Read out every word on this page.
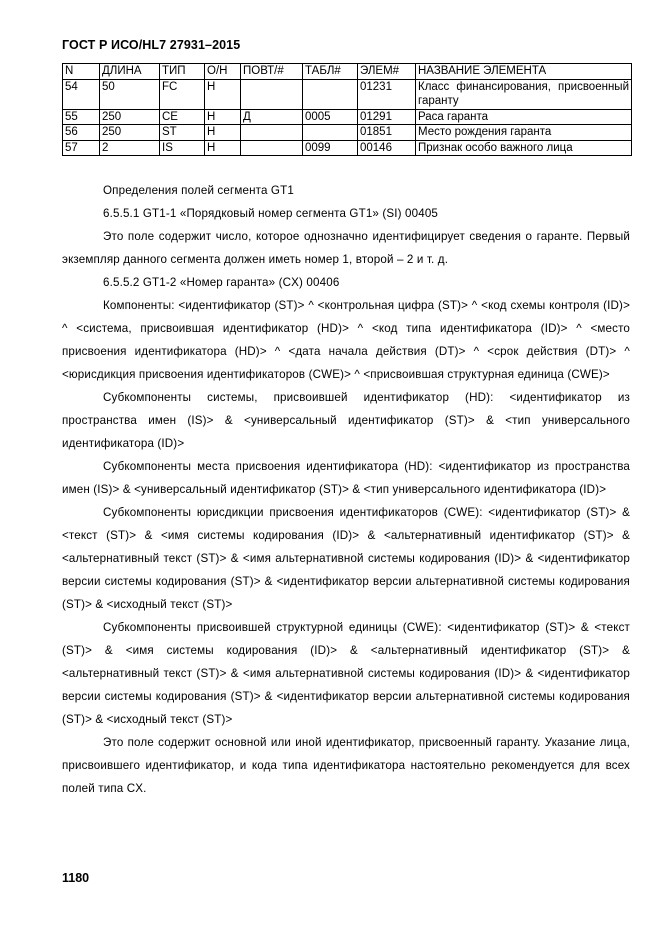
ГОСТ Р ИСО/HL7 27931–2015
N	ДЛИНА	ТИП	О/Н	ПОВТ/#	ТАБЛ#	ЭЛЕМ#	НАЗВАНИЕ ЭЛЕМЕНТА
54	50	FC	Н			01231	Класс финансирования, присвоенный гаранту
55	250	CE	Н	Д	0005	01291	Раса гаранта
56	250	ST	Н			01851	Место рождения гаранта
57	2	IS	Н		0099	00146	Признак особо важного лица

Определения полей сегмента GT1

6.5.5.1 GT1-1 «Порядковый номер сегмента GT1» (SI) 00405

Это поле содержит число, которое однозначно идентифицирует сведения о гаранте. Первый экземпляр данного сегмента должен иметь номер 1, второй – 2 и т. д.

6.5.5.2 GT1-2 «Номер гаранта» (CX) 00406

Компоненты: <идентификатор (ST)> ^ <контрольная цифра (ST)> ^ <код схемы контроля (ID)> ^ <система, присвоившая идентификатор (HD)> ^ <код типа идентификатора (ID)> ^ <место присвоения идентификатора (HD)> ^ <дата начала действия (DT)> ^ <срок действия (DT)> ^ <юрисдикция присвоения идентификаторов (CWE)> ^ <присвоившая структурная единица (CWE)>

Субкомпоненты системы, присвоившей идентификатор (HD): <идентификатор из пространства имен (IS)> & <универсальный идентификатор (ST)> & <тип универсального идентификатора (ID)>

Субкомпоненты места присвоения идентификатора (HD): <идентификатор из пространства имен (IS)> & <универсальный идентификатор (ST)> & <тип универсального идентификатора (ID)>

Субкомпоненты юрисдикции присвоения идентификаторов (CWE): <идентификатор (ST)> & <текст (ST)> & <имя системы кодирования (ID)> & <альтернативный идентификатор (ST)> & <альтернативный текст (ST)> & <имя альтернативной системы кодирования (ID)> & <идентификатор версии системы кодирования (ST)> & <идентификатор версии альтернативной системы кодирования (ST)> & <исходный текст (ST)>

Субкомпоненты присвоившей структурной единицы (CWE): <идентификатор (ST)> & <текст (ST)> & <имя системы кодирования (ID)> & <альтернативный идентификатор (ST)> & <альтернативный текст (ST)> & <имя альтернативной системы кодирования (ID)> & <идентификатор версии системы кодирования (ST)> & <идентификатор версии альтернативной системы кодирования (ST)> & <исходный текст (ST)>

Это поле содержит основной или иной идентификатор, присвоенный гаранту. Указание лица, присвоившего идентификатор, и кода типа идентификатора настоятельно рекомендуется для всех полей типа CX.

1180
